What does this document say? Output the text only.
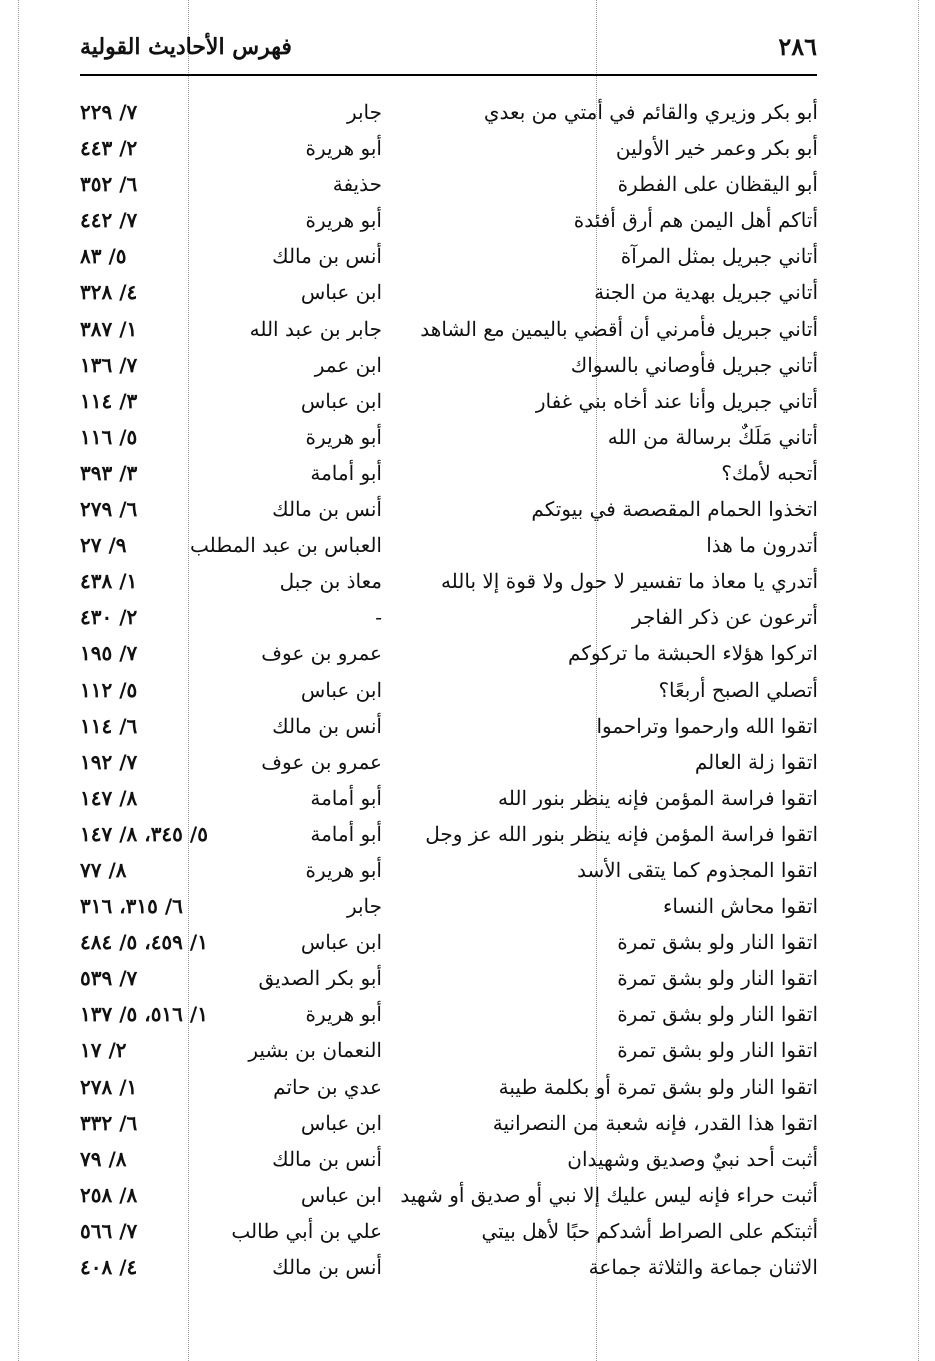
فهرس الأحاديث القولية	٢٨٦
أبو بكر وزيري والقائم في أمتي من بعدي
جابر
٧/ ٢٢٩
أبو بكر وعمر خير الأولين
أبو هريرة
٢/ ٤٤٣
أبو اليقظان على الفطرة
حذيفة
٦/ ٣٥٢
أتاكم أهل اليمن هم أرق أفئدة
أبو هريرة
٧/ ٤٤٢
أتاني جبريل بمثل المرآة
أنس بن مالك
٥/ ٨٣
أتاني جبريل بهدية من الجنة
ابن عباس
٤/ ٣٢٨
أتاني جبريل فأمرني أن أقضي باليمين مع الشاهد
جابر بن عبد الله
١/ ٣٨٧
أتاني جبريل فأوصاني بالسواك
ابن عمر
٧/ ١٣٦
أتاني جبريل وأنا عند أخاه بني غفار
ابن عباس
٣/ ١١٤
أتاني مَلَكٌ برسالة من الله
أبو هريرة
٥/ ١١٦
أتحبه لأمك؟
أبو أمامة
٣/ ٣٩٣
اتخذوا الحمام المقصصة في بيوتكم
أنس بن مالك
٦/ ٢٧٩
أتدرون ما هذا
العباس بن عبد المطلب
٩/ ٢٧
أتدري يا معاذ ما تفسير لا حول ولا قوة إلا بالله
معاذ بن جبل
١/ ٤٣٨
أترعون عن ذكر الفاجر
-
٢/ ٤٣٠
اتركوا هؤلاء الحبشة ما تركوكم
عمرو بن عوف
٧/ ١٩٥
أتصلي الصبح أربعًا؟
ابن عباس
٥/ ١١٢
اتقوا الله وارحموا وتراحموا
أنس بن مالك
٦/ ١١٤
اتقوا زلة العالم
عمرو بن عوف
٧/ ١٩٢
اتقوا فراسة المؤمن فإنه ينظر بنور الله
أبو أمامة
٨/ ١٤٧
اتقوا فراسة المؤمن فإنه ينظر بنور الله عز وجل
أبو أمامة
٥/ ٣٤٥، ٨/ ١٤٧
اتقوا المجذوم كما يتقى الأسد
أبو هريرة
٨/ ٧٧
اتقوا محاش النساء
جابر
٦/ ٣١٥، ٣١٦
اتقوا النار ولو بشق تمرة
ابن عباس
١/ ٤٥٩، ٥/ ٤٨٤
اتقوا النار ولو بشق تمرة
أبو بكر الصديق
٧/ ٥٣٩
اتقوا النار ولو بشق تمرة
أبو هريرة
١/ ٥١٦، ٥/ ١٣٧
اتقوا النار ولو بشق تمرة
النعمان بن بشير
٢/ ١٧
اتقوا النار ولو بشق تمرة أو بكلمة طيبة
عدي بن حاتم
١/ ٢٧٨
اتقوا هذا القدر، فإنه شعبة من النصرانية
ابن عباس
٦/ ٣٣٢
أثبت أحد نبيٌ وصديق وشهيدان
أنس بن مالك
٨/ ٧٩
أثبت حراء فإنه ليس عليك إلا نبي أو صديق أو شهيد
ابن عباس
٨/ ٢٥٨
أثبتكم على الصراط أشدكم حبًا لأهل بيتي
علي بن أبي طالب
٧/ ٥٦٦
الاثنان جماعة والثلاثة جماعة
أنس بن مالك
٤/ ٤٠٨
